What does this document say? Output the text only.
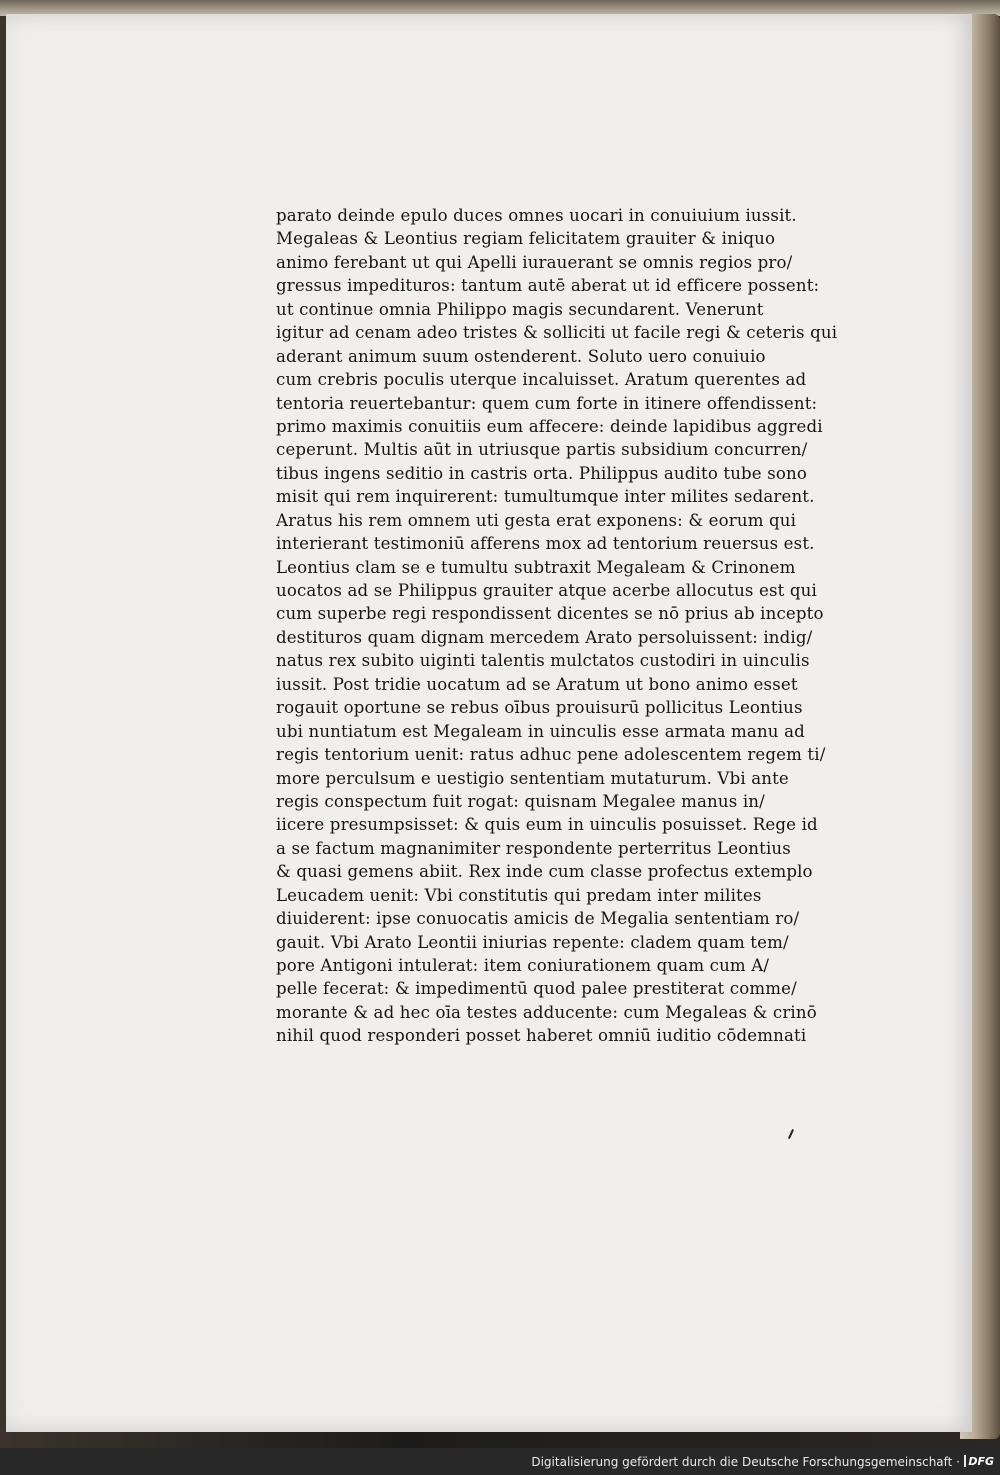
parato deinde epulo duces omnes uocari in conuiuium iussit.
Megaleas & Leontius regiam felicitatem grauiter & iniquo
animo ferebant ut qui Apelli iurauerant se omnis regios pro/
gressus impedituros: tantum autē aberat ut id efficere possent:
ut continue omnia Philippo magis secundarent. Venerunt
igitur ad cenam adeo tristes & solliciti ut facile regi & ceteris qui
aderant animum suum ostenderent. Soluto uero conuiuio
cum crebris poculis uterque incaluisset. Aratum querentes ad
tentoria reuertebantur: quem cum forte in itinere offendissent:
primo maximis conuitiis eum affecere: deinde lapidibus aggredi
ceperunt. Multis aūt in utriusque partis subsidium concurren/
tibus ingens seditio in castris orta. Philippus audito tube sono
misit qui rem inquirerent: tumultumque inter milites sedarent.
Aratus his rem omnem uti gesta erat exponens: & eorum qui
interierant testimoniū afferens mox ad tentorium reuersus est.
Leontius clam se e tumultu subtraxit Megaleam & Crinonem
uocatos ad se Philippus grauiter atque acerbe allocutus est qui
cum superbe regi respondissent dicentes se nō prius ab incepto
destituros quam dignam mercedem Arato persoluissent: indig/
natus rex subito uiginti talentis mulctatos custodiri in uinculis
iussit. Post tridie uocatum ad se Aratum ut bono animo esset
rogauit oportune se rebus oībus prouisurū pollicitus Leontius
ubi nuntiatum est Megaleam in uinculis esse armata manu ad
regis tentorium uenit: ratus adhuc pene adolescentem regem ti/
more perculsum e uestigio sententiam mutaturum. Vbi ante
regis conspectum fuit rogat: quisnam Megalee manus in/
iicere presumpsisset: & quis eum in uinculis posuisset. Rege id
a se factum magnanimiter respondente perterritus Leontius
& quasi gemens abiit. Rex inde cum classe profectus extemplo
Leucadem uenit: Vbi constitutis qui predam inter milites
diuiderent: ipse conuocatis amicis de Megalia sententiam ro/
gauit. Vbi Arato Leontii iniurias repente: cladem quam tem/
pore Antigoni intulerat: item coniurationem quam cum A/
pelle fecerat: & impedimentū quod palee prestiterat comme/
morante & ad hec oīa testes adducente: cum Megaleas & crinō
nihil quod responderi posset haberet omniū iuditio cōdemnati
Digitalisierung gefördert durch die Deutsche Forschungsgemeinschaft · DFG
